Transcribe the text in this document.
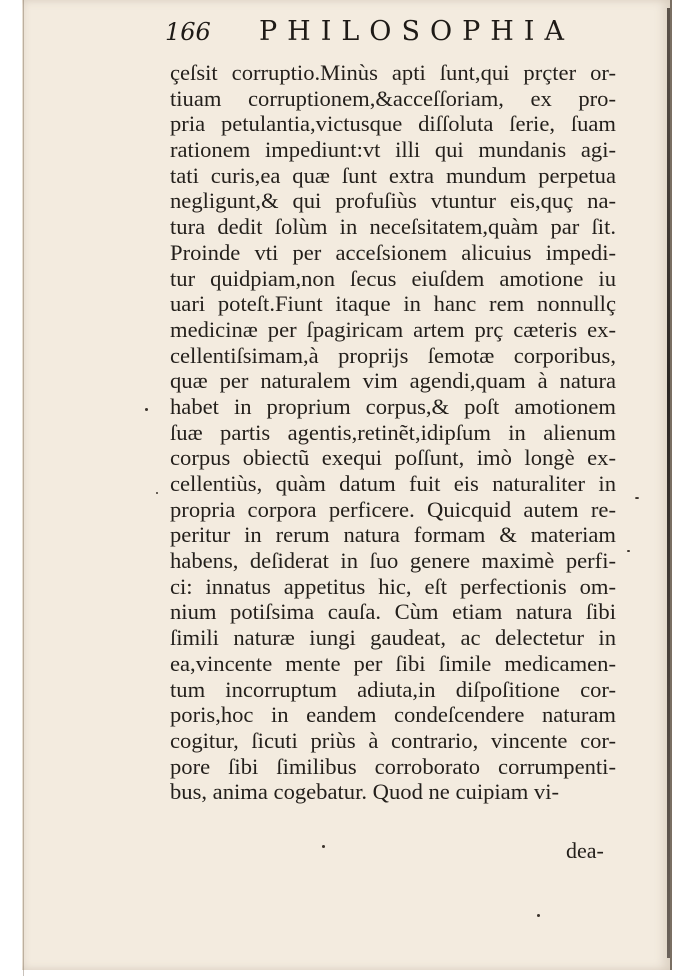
166 PHILOSOPHIA
çeſsit corruptio.Minùs apti ſunt,qui prçter or-
tiuam corruptionem,&acceſſoriam, ex pro-
pria petulantia,victusque diſſoluta ſerie, ſuam
rationem impediunt:vt illi qui mundanis agi-
tati curis,ea quæ ſunt extra mundum perpetua
negligunt,& qui profuſiùs vtuntur eis,quç na-
tura dedit ſolùm in neceſsitatem,quàm par ſit.
Proinde vti per acceſsionem alicuius impedi-
tur quidpiam,non ſecus eiuſdem amotione iu
uari poteſt.Fiunt itaque in hanc rem nonnullç
medicinæ per ſpagiricam artem prç cæteris ex-
cellentiſsimam,à proprijs ſemotæ corporibus,
quæ per naturalem vim agendi,quam à natura
habet in proprium corpus,& poſt amotionem
ſuæ partis agentis,retinẽt,idipſum in alienum
corpus obiectũ exequi poſſunt, imò longè ex-
cellentiùs, quàm datum fuit eis naturaliter in
propria corpora perficere. Quicquid autem re-
peritur in rerum natura formam & materiam
habens, deſiderat in ſuo genere maximè perfi-
ci: innatus appetitus hic, eſt perfectionis om-
nium potiſsima cauſa. Cùm etiam natura ſibi
ſimili naturæ iungi gaudeat, ac delectetur in
ea,vincente mente per ſibi ſimile medicamen-
tum incorruptum adiuta,in diſpoſitione cor-
poris,hoc in eandem condeſcendere naturam
cogitur, ſicuti priùs à contrario, vincente cor-
pore ſibi ſimilibus corroborato corrumpenti-
bus, anima cogebatur. Quod ne cuipiam vi-
dea-
